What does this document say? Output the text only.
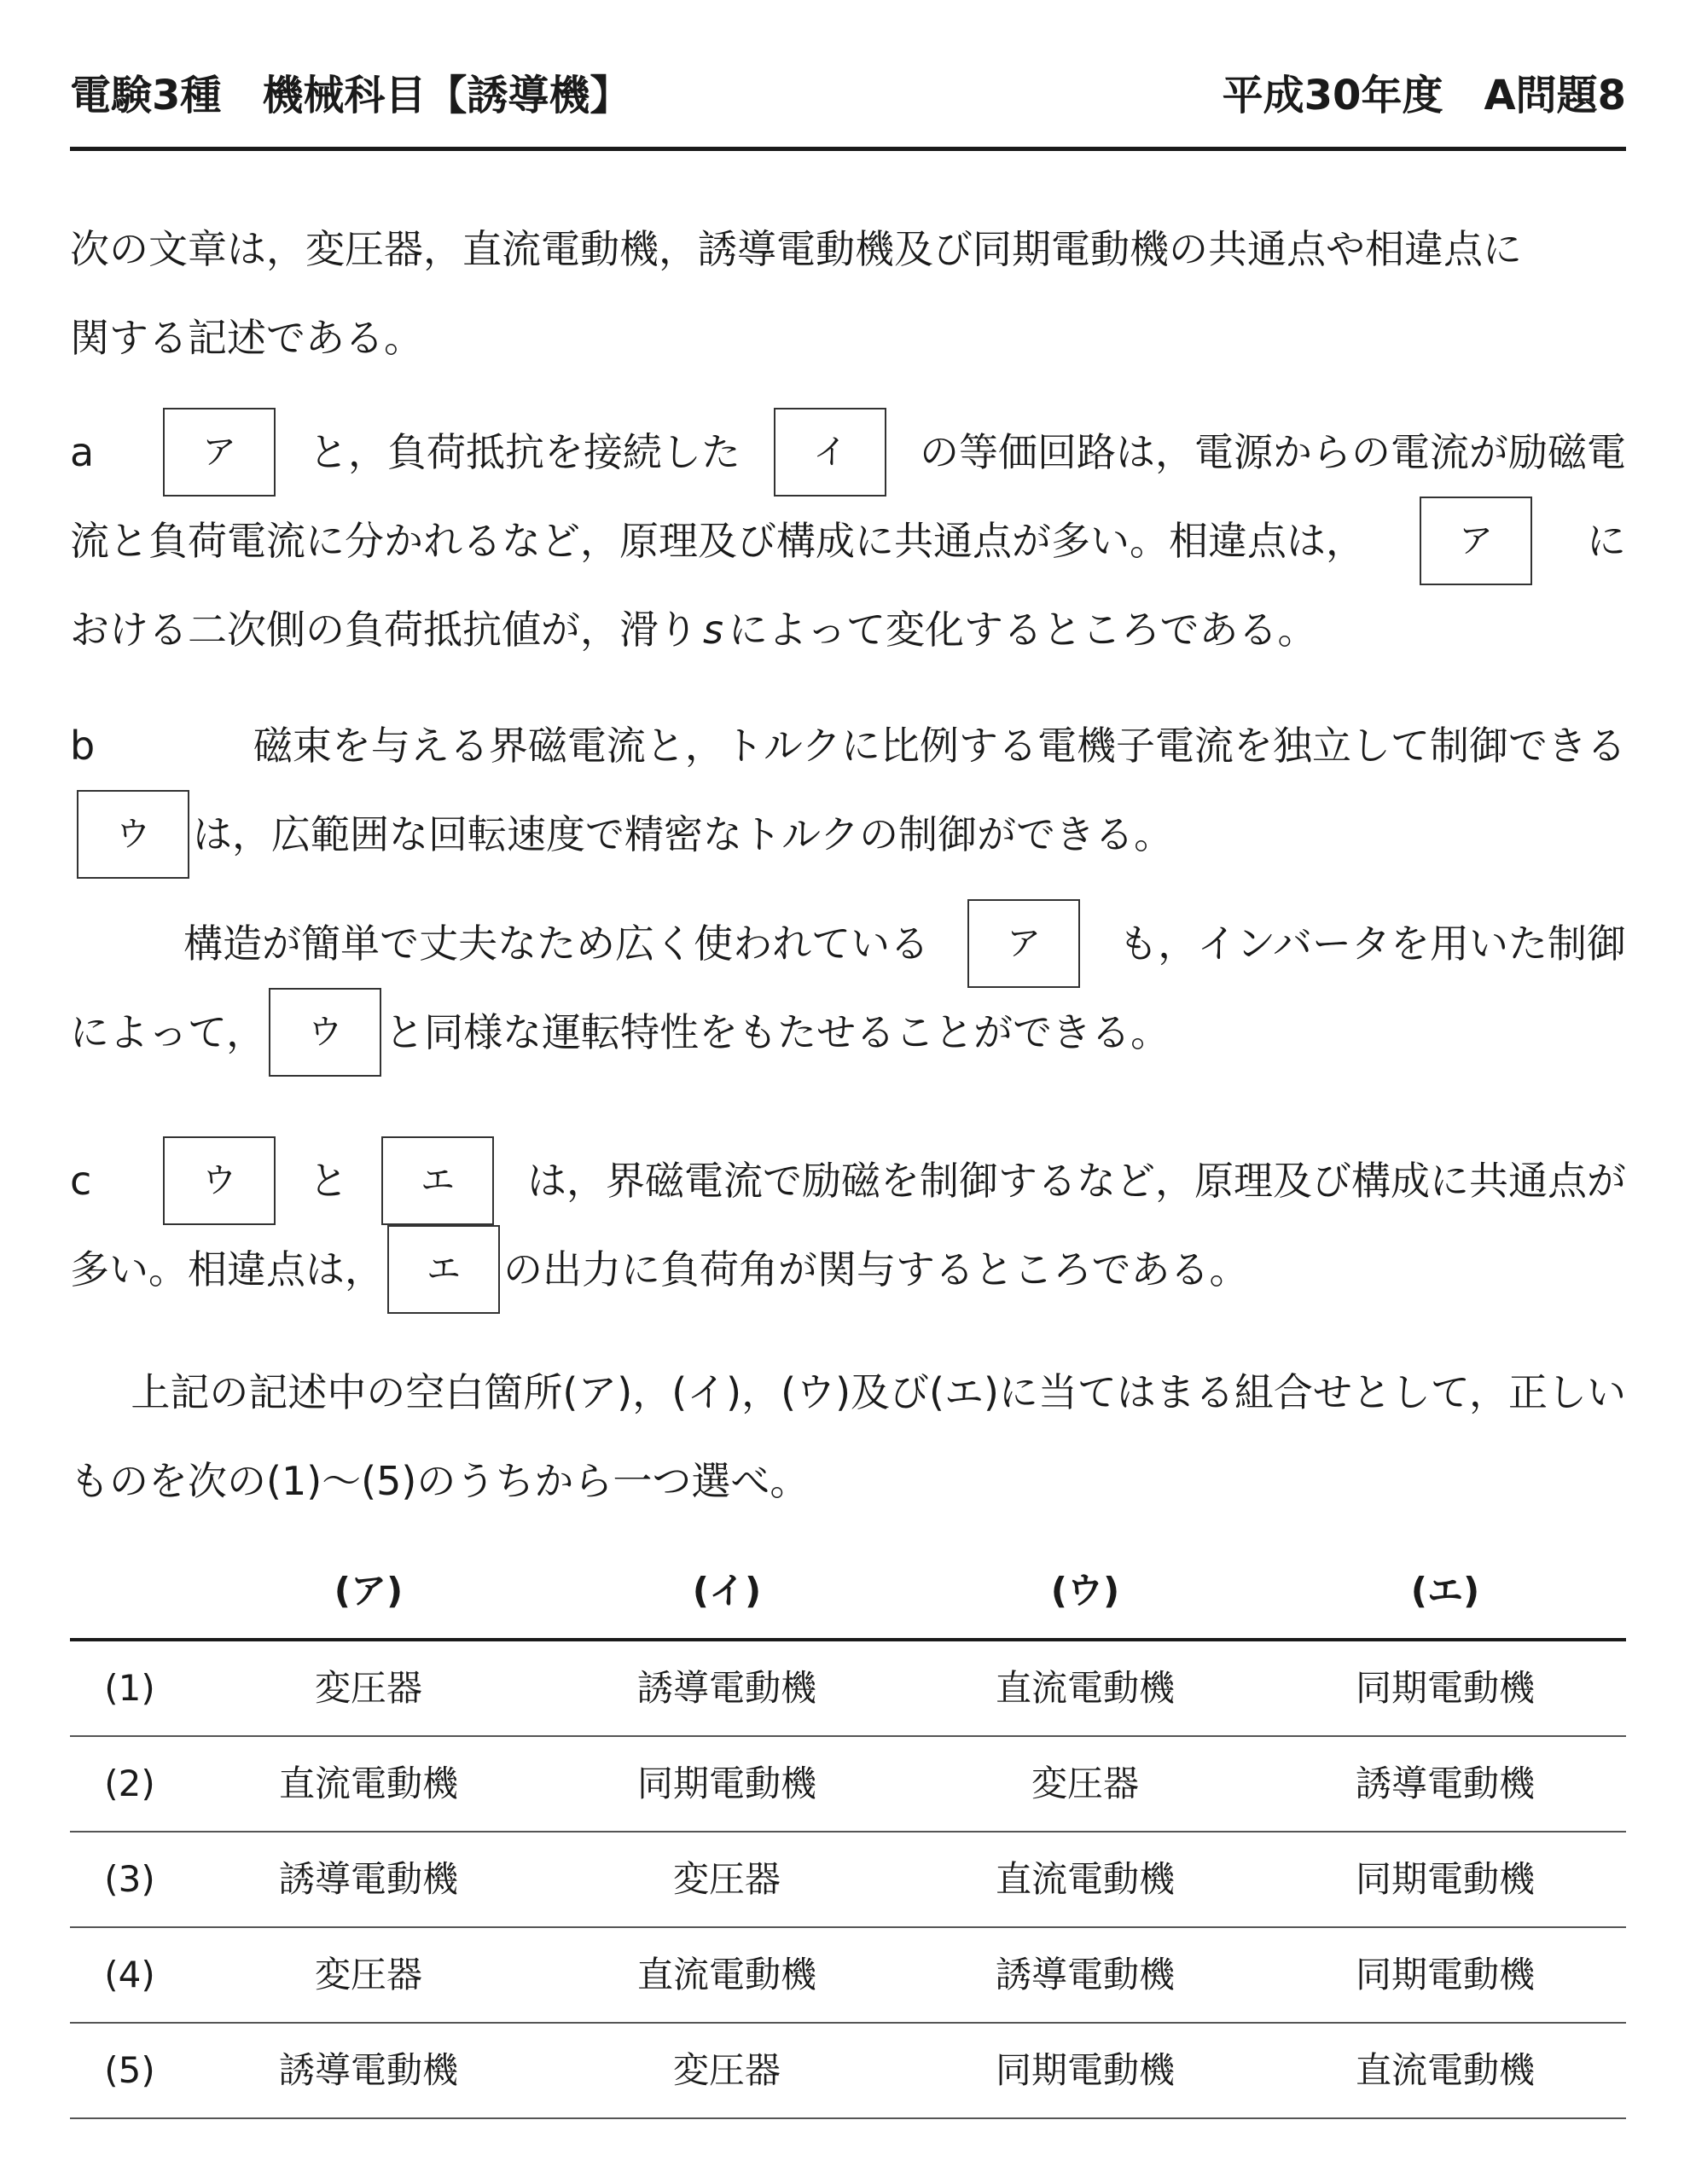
電験3種　機械科目【誘導機】	平成30年度　A問題8
次の文章は，変圧器，直流電動機，誘導電動機及び同期電動機の共通点や相違点に
関する記述である。
a	ア	と，負荷抵抗を接続した	イ	の等価回路は，電源からの電流が励磁電
流と負荷電流に分かれるなど，原理及び構成に共通点が多い。相違点は，	ア	に
おける二次側の負荷抵抗値が，滑り s によって変化するところである。
b	磁束を与える界磁電流と，トルクに比例する電機子電流を独立して制御できる
ウ	は，広範囲な回転速度で精密なトルクの制御ができる。
構造が簡単で丈夫なため広く使われている	ア	も，インバータを用いた制御
によって，	ウ	と同様な運転特性をもたせることができる。
c	ウ	と	エ	は，界磁電流で励磁を制御するなど，原理及び構成に共通点が
多い。相違点は，	エ	の出力に負荷角が関与するところである。
上記の記述中の空白箇所(ア)，(イ)，(ウ)及び(エ)に当てはまる組合せとして，正しい
ものを次の(1)～(5)のうちから一つ選べ。
(ア)	(イ)	(ウ)	(エ)
(1)	変圧器	誘導電動機	直流電動機	同期電動機
(2)	直流電動機	同期電動機	変圧器	誘導電動機
(3)	誘導電動機	変圧器	直流電動機	同期電動機
(4)	変圧器	直流電動機	誘導電動機	同期電動機
(5)	誘導電動機	変圧器	同期電動機	直流電動機
